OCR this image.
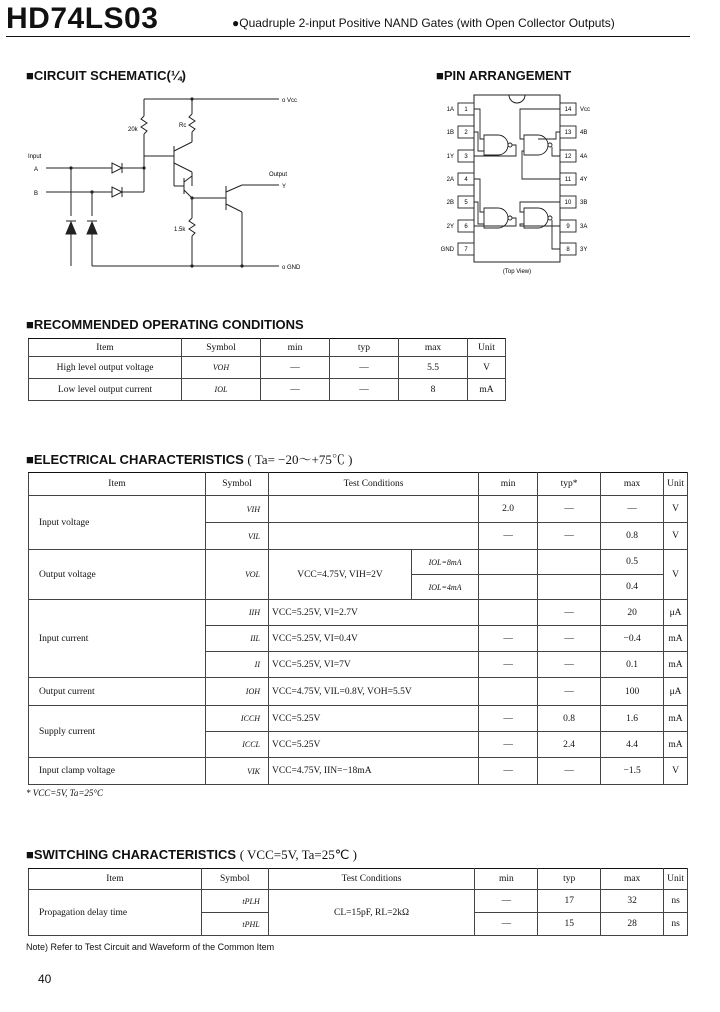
HD74LS03	●Quadruple 2-input Positive NAND Gates (with Open Collector Outputs)
■CIRCUIT SCHEMATIC(¼)
o Vcc
20k
Rc
Input
A
B
Output
Y
1.5k
o GND
■PIN ARRANGEMENT
1
1A	14 Vcc
2
1B	13 4B
3
1Y	12 4A
4
2A	11 4Y
5
2B	10 3B
6
2Y	9 3A
7
GND	8 3Y
(Top View)
■RECOMMENDED OPERATING CONDITIONS
Item	Symbol	min	typ	max	Unit
High level output voltage	VOH	—	—	5.5	V
Low level output current	IOL	—	—	8	mA
■ELECTRICAL CHARACTERISTICS ( Ta= −20～+75℃ )
Item	Symbol	Test Conditions		min	typ*	max	Unit
Input voltage	VIH			2.0	—	—	V
	VIL			—	—	0.8	V
Output voltage	VOL	VCC=4.75V, VIH=2V	IOL=8mA			0.5	V
			IOL=4mA			0.4	
Input current	IIH	VCC=5.25V, VI=2.7V			—	20	μA
	IIL	VCC=5.25V, VI=0.4V		—	—	−0.4	mA
	II	VCC=5.25V, VI=7V		—	—	0.1	mA
Output current	IOH	VCC=4.75V, VIL=0.8V, VOH=5.5V			—	100	μA
Supply current	ICCH	VCC=5.25V		—	0.8	1.6	mA
	ICCL	VCC=5.25V		—	2.4	4.4	mA
Input clamp voltage	VIK	VCC=4.75V, IIN=−18mA		—	—	−1.5	V
* VCC=5V, Ta=25°C
■SWITCHING CHARACTERISTICS ( VCC=5V, Ta=25℃ )
Item	Symbol	Test Conditions	min	typ	max	Unit
Propagation delay time	tPLH	CL=15pF, RL=2kΩ	—	17	32	ns
	tPHL		—	15	28	ns
Note) Refer to Test Circuit and Waveform of the Common Item
40
